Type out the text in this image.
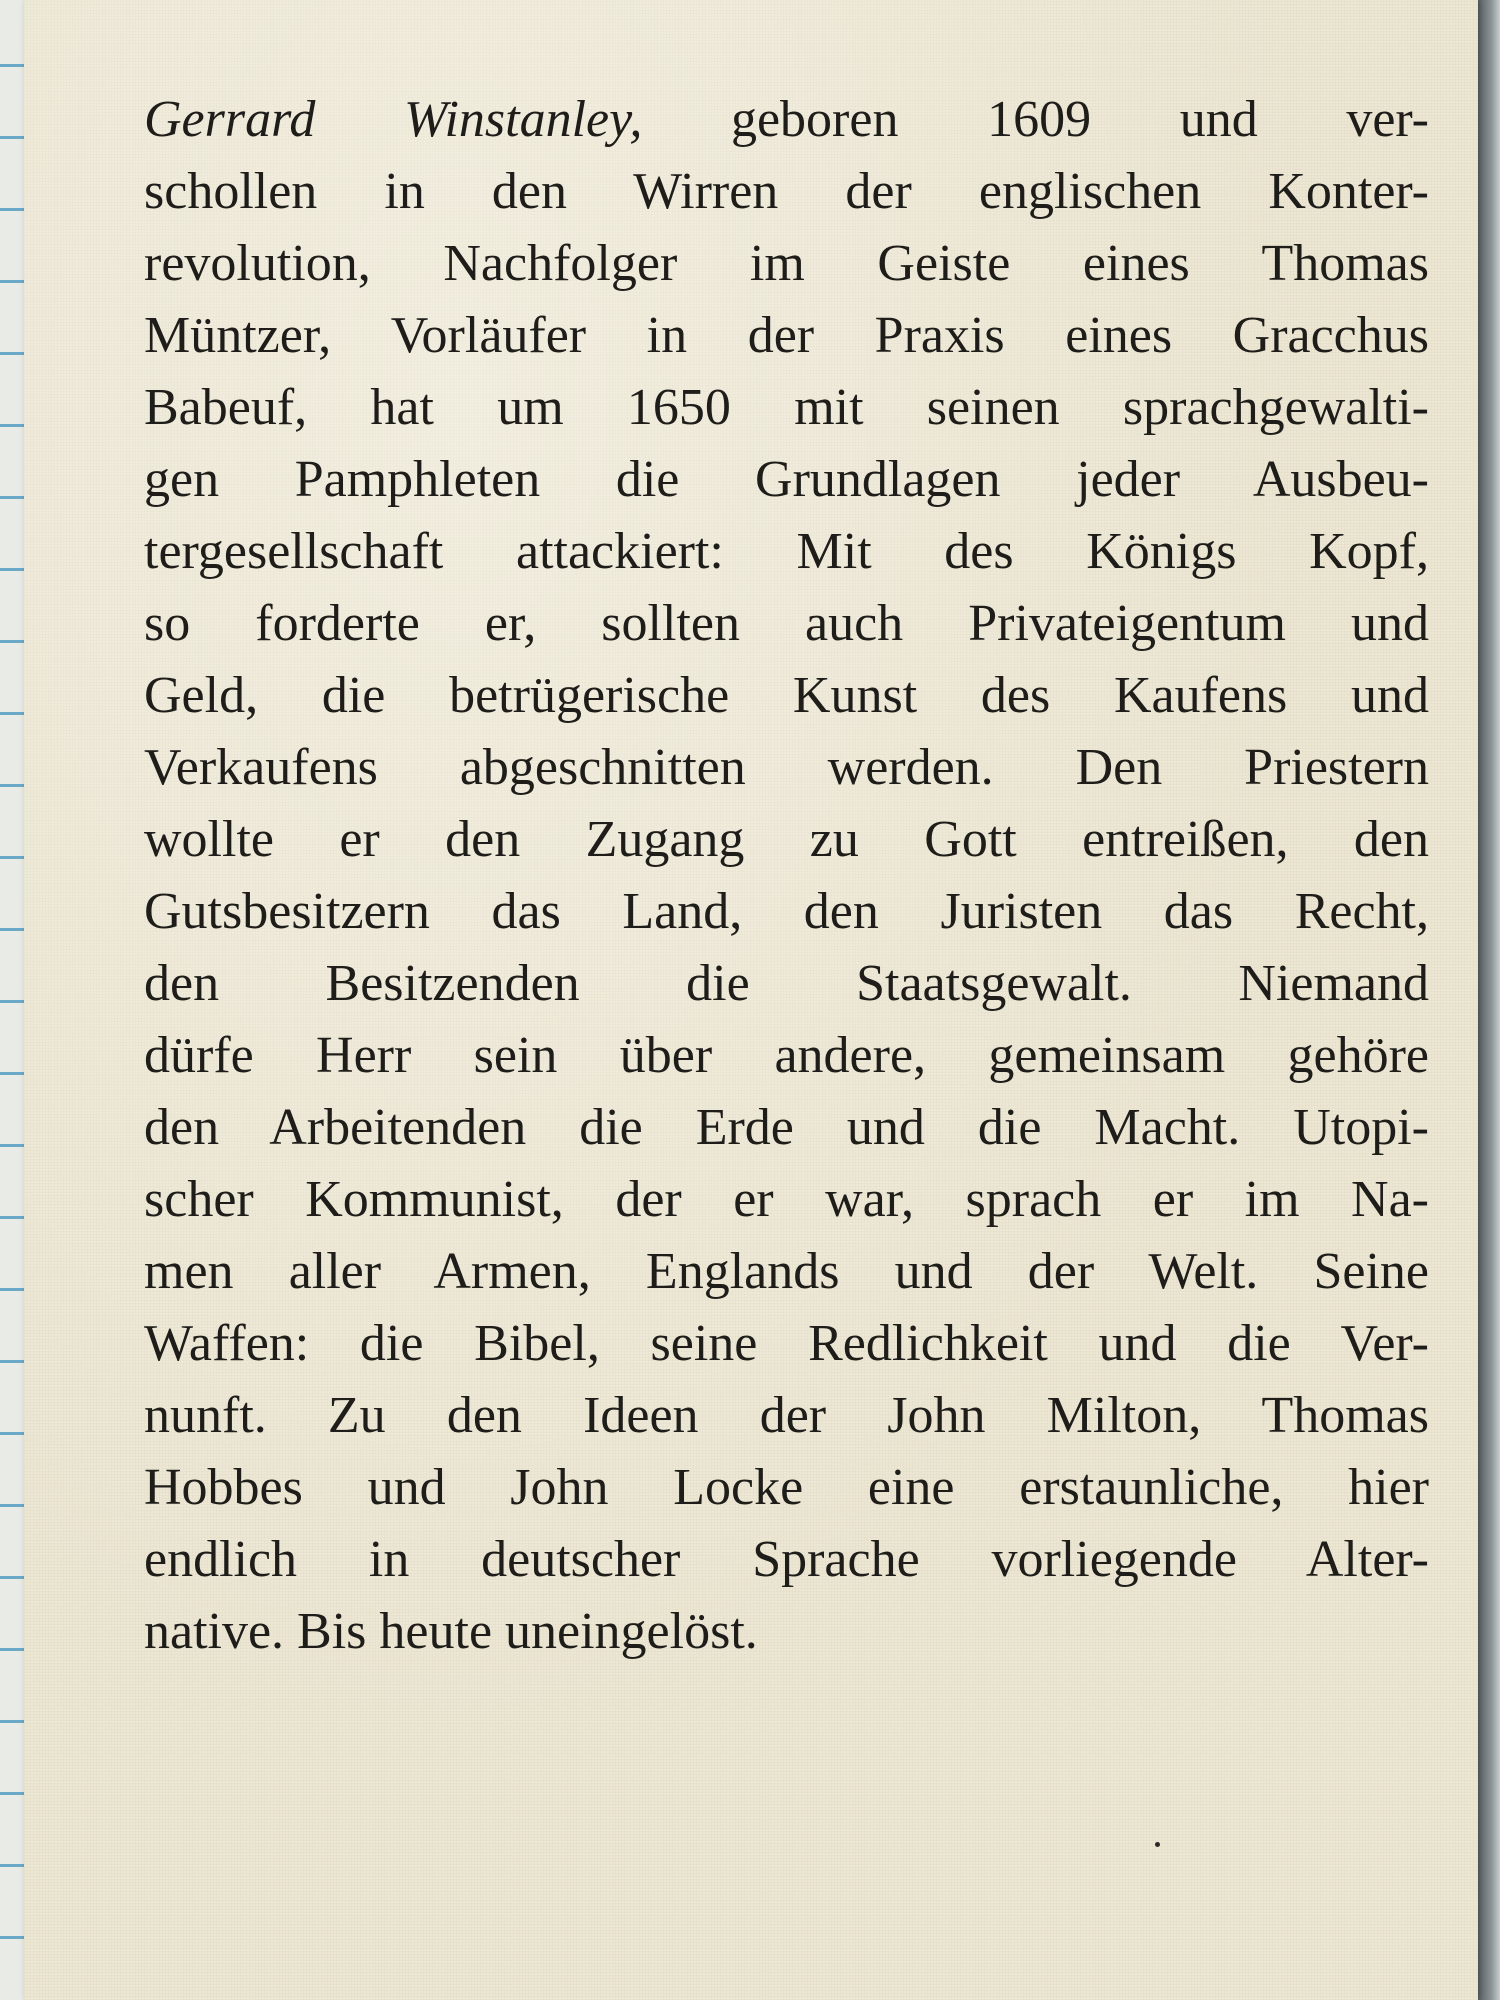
Gerrard Winstanley, geboren 1609 und ver-
schollen in den Wirren der englischen Konter-
revolution, Nachfolger im Geiste eines Thomas
Müntzer, Vorläufer in der Praxis eines Gracchus
Babeuf, hat um 1650 mit seinen sprachgewalti-
gen Pamphleten die Grundlagen jeder Ausbeu-
tergesellschaft attackiert: Mit des Königs Kopf,
so forderte er, sollten auch Privateigentum und
Geld, die betrügerische Kunst des Kaufens und
Verkaufens abgeschnitten werden. Den Priestern
wollte er den Zugang zu Gott entreißen, den
Gutsbesitzern das Land, den Juristen das Recht,
den Besitzenden die Staatsgewalt. Niemand
dürfe Herr sein über andere, gemeinsam gehöre
den Arbeitenden die Erde und die Macht. Utopi-
scher Kommunist, der er war, sprach er im Na-
men aller Armen, Englands und der Welt. Seine
Waffen: die Bibel, seine Redlichkeit und die Ver-
nunft. Zu den Ideen der John Milton, Thomas
Hobbes und John Locke eine erstaunliche, hier
endlich in deutscher Sprache vorliegende Alter-
native. Bis heute uneingelöst.
